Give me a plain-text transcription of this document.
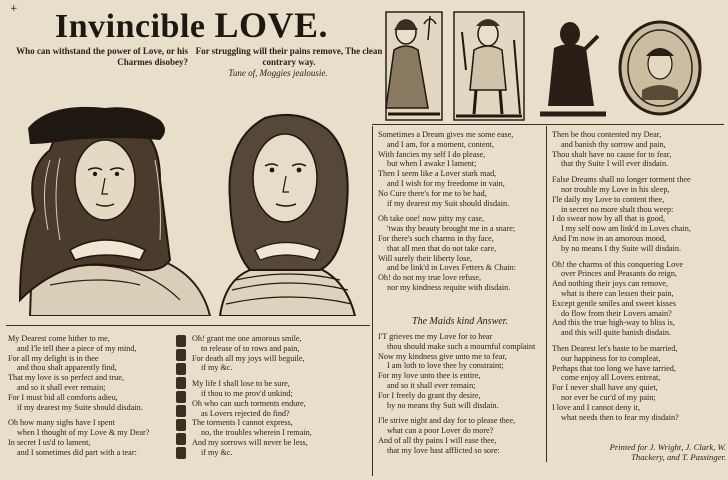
+ Invincible LOVE.
Who can withstand the power of Love, or his Charmes disobey?
For struggling will their pains remove, The clean contrary way.
Tune of, Moggies jealousie.
My Dearest come hither to me,
and I'le tell thee a piece of my mind,
For all my delight is in thee
and thou shalt apparently find,
That my love is so perfect and true,
and so it shall ever remain;
For I must bid all comforts adieu,
if my dearest my Suite should disdain.
Oh how many sighs have I spent
when I thought of my Love & my Dear?
In secret I us'd to lament,
and I sometimes did part with a tear:
Oh! grant me one amorous smile,
to release of to rows and pain,
For death all my joys will beguile,
if my &c.
My life I shall lose to be sure,
if thou to me prov'd unkind;
Oh who can such torments endure,
as Lovers rejected do find?
The torments I cannot express,
no, the troubles wherein I remain,
And my sorrows will never be less,
if my &c.
Sometimes a Dream gives me some ease,
and I am, for a moment, content,
With fancies my self I do please,
but when I awake I lament;
Then I seem like a Lover stark mad,
and I wish for my freedome in vain,
No Cure there's for me to be had,
if my dearest my Suit should disdain.
Oh take one! now pitty my case,
'twas thy beauty brought me in a snare;
For there's such charms in thy face,
that all men that do not take care,
Will surely their liberty lose,
and be link'd in Loves Fetters & Chain:
Oh! do not my true love refuse,
nor my kindness requite with disdain.
The Maids kind Answer.
I'T grieves me my Love for to hear
thou should make such a mournful complaint
Now my kindness give unto me to fear,
I am loth to love thee by constraint;
For my love unto thee is entire,
and so it shall ever remain;
For I freely do grant thy desire,
by no means thy Suit will disdain.
I'le strive night and day for to please thee,
what can a poor Lover do more?
And of all thy pains I will ease thee,
that my love hast afflicted so sore:
Then be thou contented my Dear,
and banish thy sorrow and pain,
Thou shalt have no cause for to fear,
that thy Suite I will ever disdain.
False Dreams shall no longer torment thee
nor trouble my Love in his sleep,
I'le daily my Love to content thee,
in secret no more shalt thou weep:
I do swear now by all that is good,
I my self now am link'd in Loves chain,
And I'm now in an amorous mood,
by no means I thy Suite will disdain.
Oh! the charms of this conquering Love
over Princes and Peasants do reign,
And nothing their joys can remove,
what is there can lessen their pain,
Except gentle smiles and sweet kisses
do flow from their Lovers amain?
And this the true high-way to bliss is,
and this will quite banish disdain.
Then Dearest let's haste to be married,
our happiness for to compleat,
Perhaps that too long we have tarried,
come enjoy all Lovers entreat,
For I never shall have any quiet,
nor ever be cur'd of my pain;
I love and I cannot deny it,
what needs then to fear my disdain?
Printed for J. Wright, J. Clark, W.
Thackery, and T. Passinger.
